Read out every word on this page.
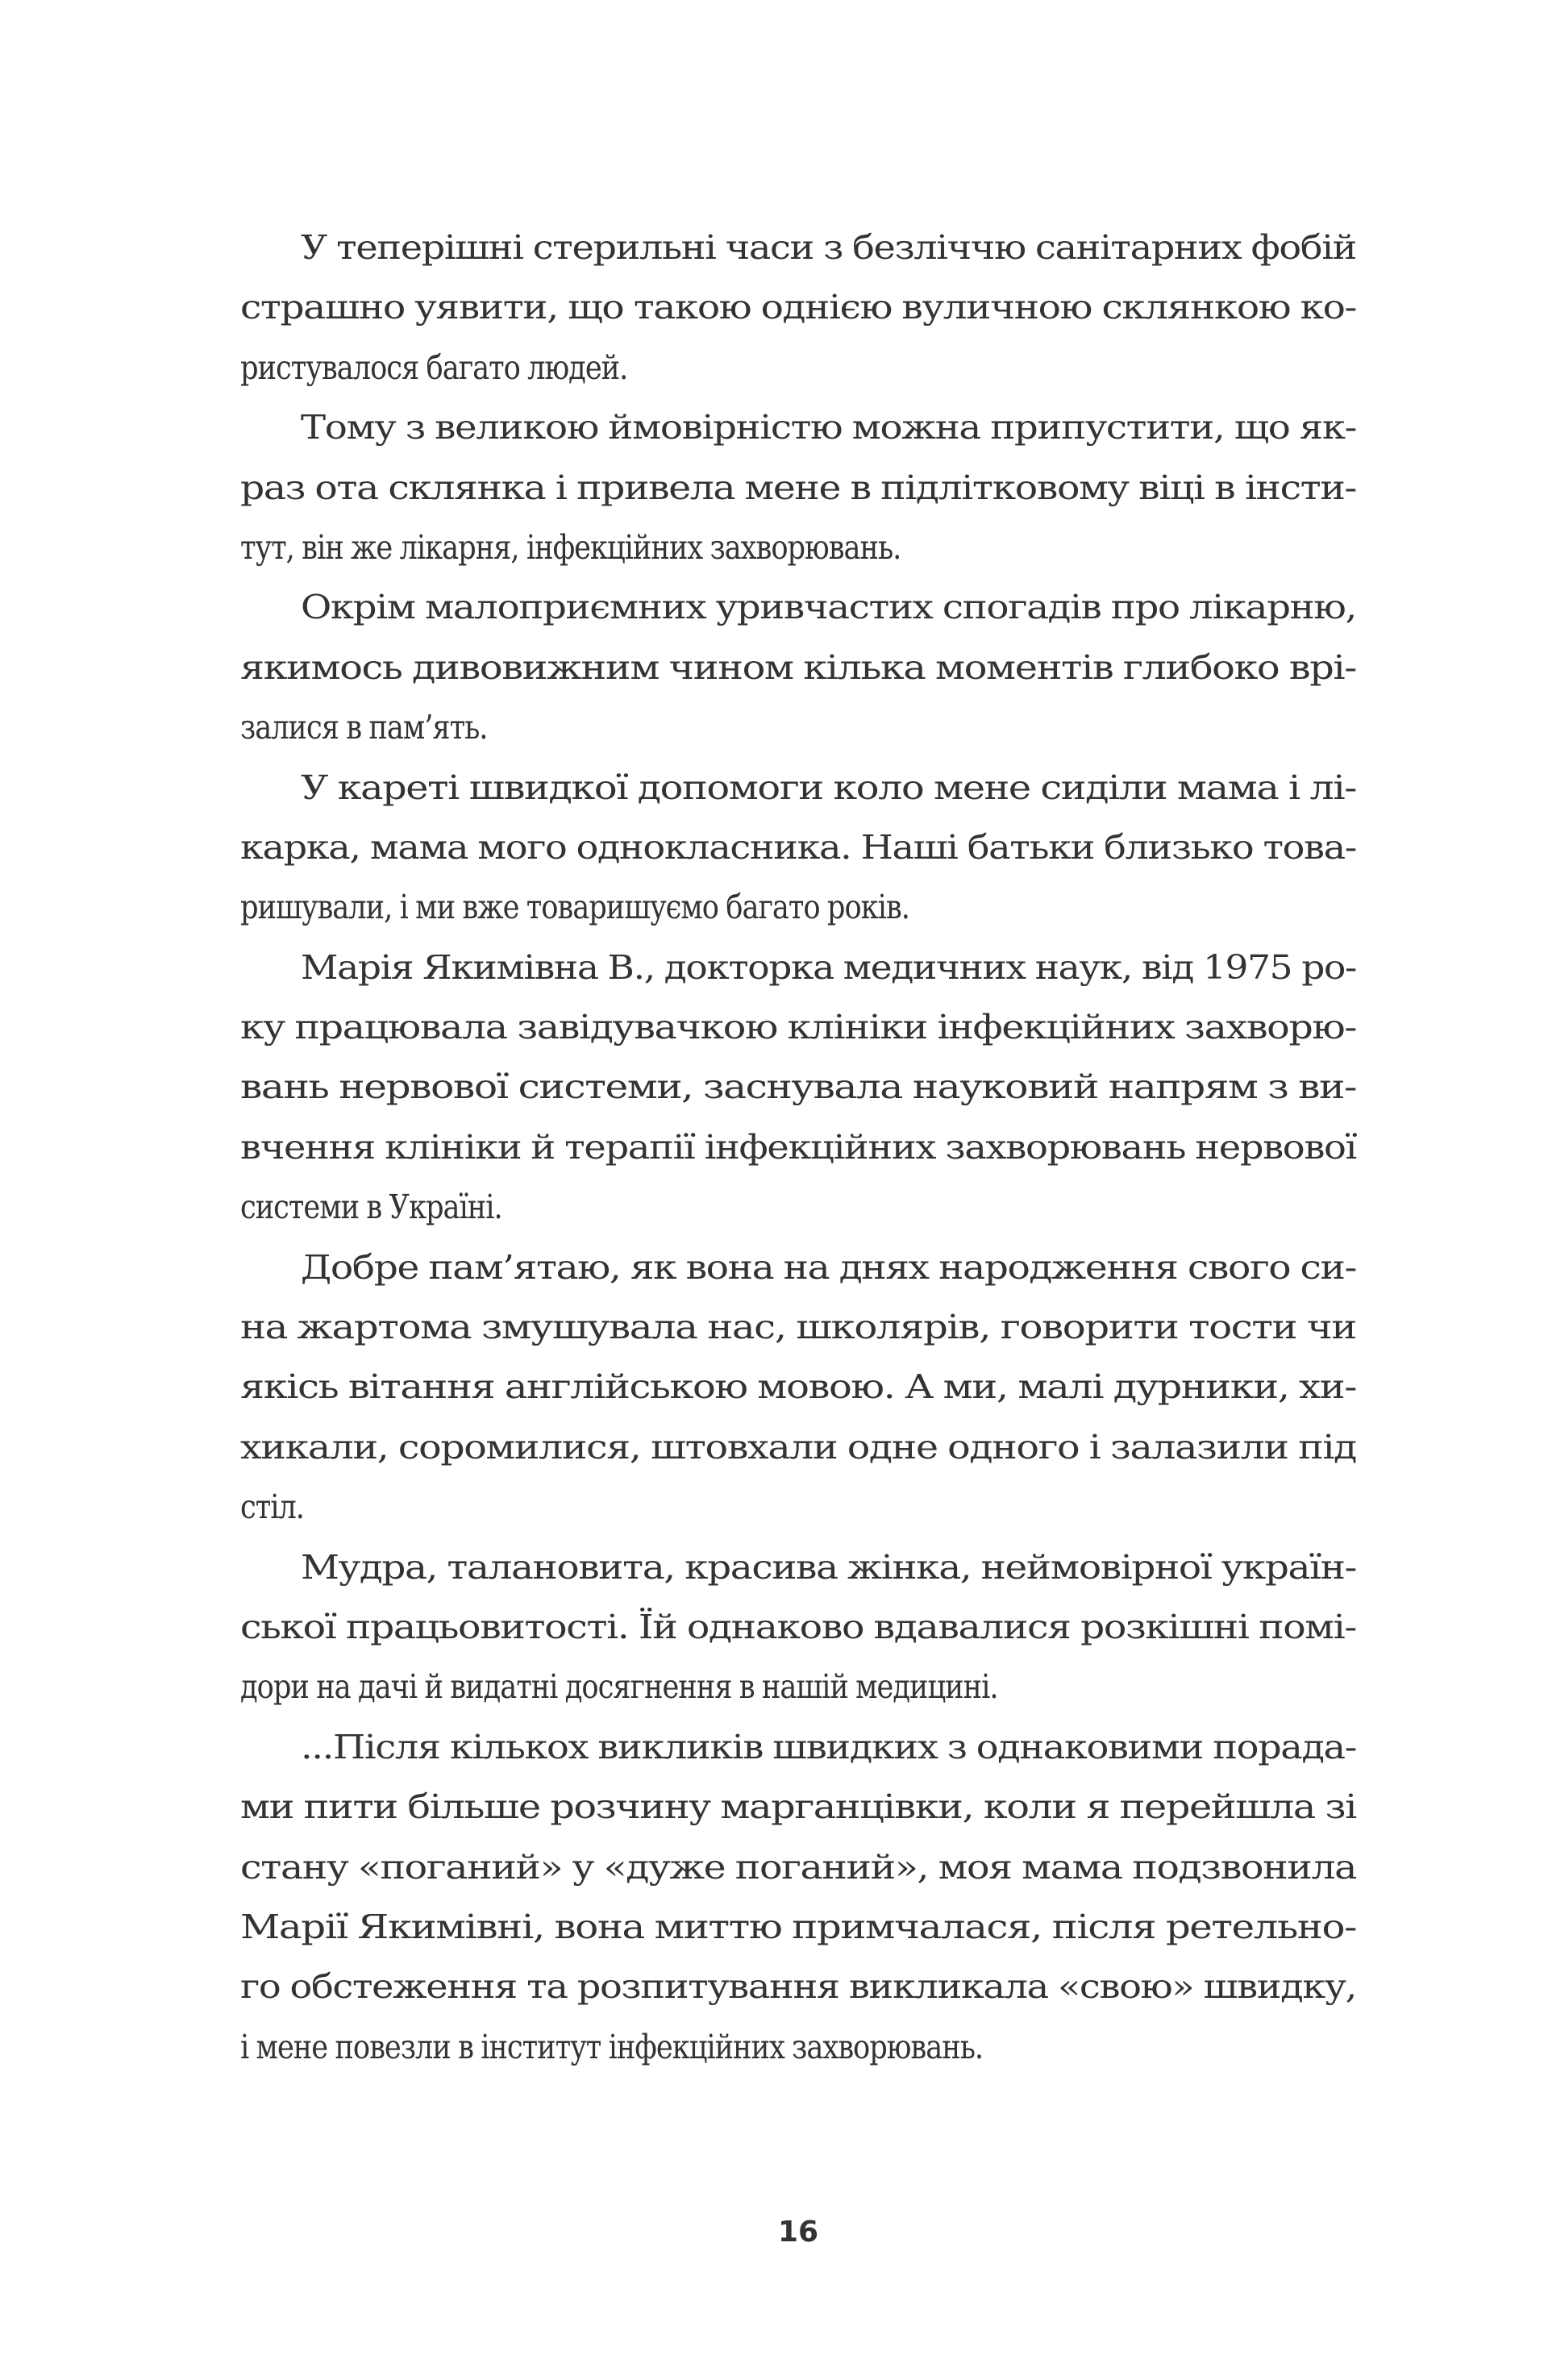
У теперішні стерильні часи з безліччю санітарних фобій
страшно уявити, що такою однією вуличною склянкою ко-
ристувалося багато людей.
Тому з великою ймовірністю можна припустити, що як-
раз ота склянка і привела мене в підлітковому віці в інсти-
тут, він же лікарня, інфекційних захворювань.
Окрім малоприємних уривчастих спогадів про лікарню,
якимось дивовижним чином кілька моментів глибоко врі-
залися в пам’ять.
У кареті швидкої допомоги коло мене сиділи мама і лі-
карка, мама мого однокласника. Наші батьки близько това-
ришували, і ми вже товаришуємо багато років.
Марія Якимівна В., докторка медичних наук, від 1975 ро-
ку працювала завідувачкою клініки інфекційних захворю-
вань нервової системи, заснувала науковий напрям з ви-
вчення клініки й терапії інфекційних захворювань нервової
системи в Україні.
Добре пам’ятаю, як вона на днях народження свого си-
на жартома змушувала нас, школярів, говорити тости чи
якісь вітання англійською мовою. А ми, малі дурники, хи-
хикали, соромилися, штовхали одне одного і залазили під
стіл.
Мудра, талановита, красива жінка, неймовірної україн-
ської працьовитості. Їй однаково вдавалися розкішні помі-
дори на дачі й видатні досягнення в нашій медицині.
...Після кількох викликів швидких з однаковими порада-
ми пити більше розчину марганцівки, коли я перейшла зі
стану «поганий» у «дуже поганий», моя мама подзвонила
Марії Якимівні, вона миттю примчалася, після ретельно-
го обстеження та розпитування викликала «свою» швидку,
і мене повезли в інститут інфекційних захворювань.
16
